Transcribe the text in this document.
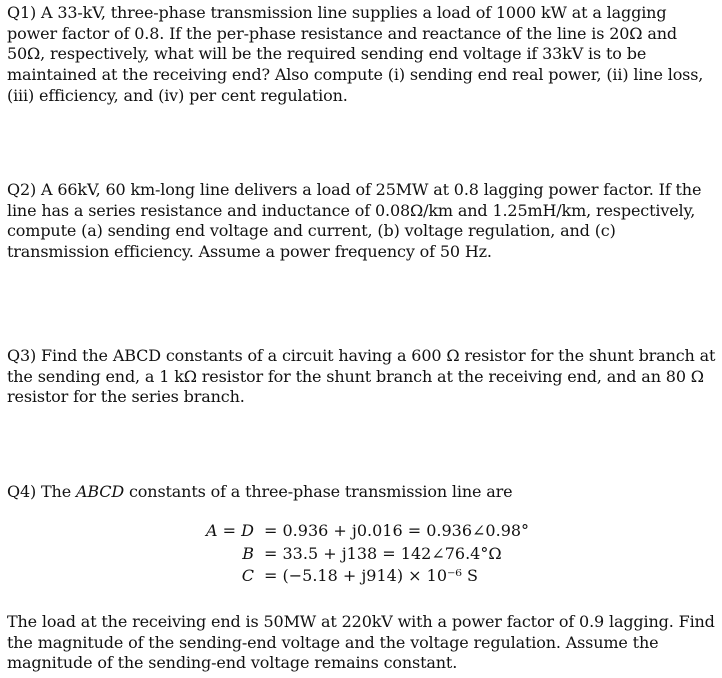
Q1) A 33-kV, three-phase transmission line supplies a load of 1000 kW at a lagging power factor of 0.8. If the per-phase resistance and reactance of the line is 20Ω and 50Ω, respectively, what will be the required sending end voltage if 33kV is to be maintained at the receiving end? Also compute (i) sending end real power, (ii) line loss, (iii) efficiency, and (iv) per cent regulation.

Q2) A 66kV, 60 km-long line delivers a load of 25MW at 0.8 lagging power factor. If the line has a series resistance and inductance of 0.08Ω/km and 1.25mH/km, respectively, compute (a) sending end voltage and current, (b) voltage regulation, and (c) transmission efficiency. Assume a power frequency of 50 Hz.

Q3) Find the ABCD constants of a circuit having a 600 Ω resistor for the shunt branch at the sending end, a 1 kΩ resistor for the shunt branch at the receiving end, and an 80 Ω resistor for the series branch.

Q4) The ABCD constants of a three-phase transmission line are

A = D = 0.936 + j0.016 = 0.936∠0.98°
B = 33.5 + j138 = 142∠76.4°Ω
C = (−5.18 + j914) × 10⁻⁶ S

The load at the receiving end is 50MW at 220kV with a power factor of 0.9 lagging. Find the magnitude of the sending-end voltage and the voltage regulation. Assume the magnitude of the sending-end voltage remains constant.
